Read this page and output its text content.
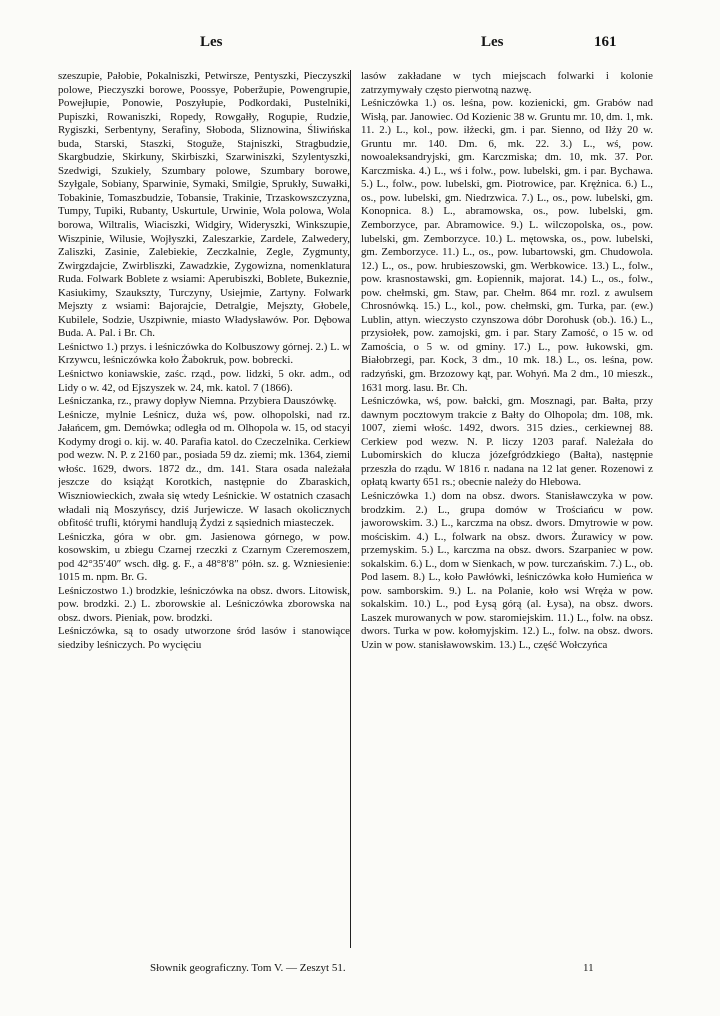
Les	Les	161

szeszupie, Pałobie, Pokalniszki, Petwirsze, Pentyszki, Pieczyszki polowe, Pieczyszki borowe, Poossye, Poberžupie, Powengrupie, Powejłupie, Ponowie, Poszyłupie, Podkordaki, Pustelniki, Pupiszki, Rowaniszki, Ropedy, Rowgałły, Rogupie, Rudzie, Rygiszki, Serbentyny, Serafiny, Słoboda, Sliznowina, Śliwińska buda, Starski, Staszki, Stoguže, Stajniszki, Stragbudzie, Skargbudzie, Skirkuny, Skirbiszki, Szarwiniszki, Szylentyszki, Szedwigi, Szukiely, Szumbary polowe, Szumbary borowe, Szyłgale, Sobiany, Sparwinie, Symaki, Smilgie, Sprukły, Suwałki, Tobakinie, Tomaszbudzie, Tobansie, Trakinie, Trzaskowszczyzna, Tumpy, Tupiki, Rubanty, Uskurtule, Urwinie, Wola polowa, Wola borowa, Wiltralis, Wiaciszki, Widgiry, Wideryszki, Winkszupie, Wiszpinie, Wilusie, Wojłyszki, Zaleszarkie, Zardele, Zalwedery, Zaliszki, Zasinie, Zalebiekie, Zeczkalnie, Zegle, Zygmunty, Zwirgzdajcie, Zwirbliszki, Zawadzkie, Zygowizna, nomenklatura Ruda. Folwark Boblete z wsiami: Aperubiszki, Boblete, Bukeznie, Kasiukimy, Szaukszty, Turczyny, Usiejmie, Zartyny. Folwark Mejszty z wsiami: Bajorajcie, Detralgie, Mejszty, Głobele, Kubilele, Sodzie, Uszpiwnie, miasto Władysławów. Por. Dębowa Buda. A. Pal. i Br. Ch.

Leśnictwo 1.) przys. i leśniczówka do Kolbuszowy górnej. 2.) L. w Krzywcu, leśniczówka koło Żabokruk, pow. bobrecki.

Leśnictwo koniawskie, zaśc. rząd., pow. lidzki, 5 okr. adm., od Lidy o w. 42, od Ejszyszek w. 24, mk. katol. 7 (1866).

Leśniczanka, rz., prawy dopływ Niemna. Przybiera Dauszówkę.

Leśnicze, mylnie Leśnicz, duża wś, pow. olhopolski, nad rz. Jałańcem, gm. Demówka; odległa od m. Olhopola w. 15, od stacyi Kodymy drogi o. kij. w. 40. Parafia katol. do Czeczelnika. Cerkiew pod wezw. N. P. z 2160 par., posiada 59 dz. ziemi; mk. 1364, ziemi włośc. 1629, dwors. 1872 dz., dm. 141. Stara osada należała jeszcze do książąt Korotkich, następnie do Zbaraskich, Wiszniowieckich, zwała się wtedy Leśnickie. W ostatnich czasach władali nią Moszyńscy, dziś Jurjewicze. W lasach okolicznych obfitość trufli, którymi handlują Żydzi z sąsiednich miasteczek.

Leśniczka, góra w obr. gm. Jasienowa górnego, w pow. kosowskim, u zbiegu Czarnej rzeczki z Czarnym Czeremoszem, pod 42°35′40″ wsch. dłg. g. F., a 48°8′8″ półn. sz. g. Wzniesienie: 1015 m. npm. Br. G.

Leśniczostwo 1.) brodzkie, leśniczówka na obsz. dwors. Litowisk, pow. brodzki. 2.) L. zborowskie al. Leśniczówka zborowska na obsz. dwors. Pieniak, pow. brodzki.

Leśniczówka, są to osady utworzone śród lasów i stanowiące siedziby leśniczych. Po wycięciu

lasów zakładane w tych miejscach folwarki i kolonie zatrzymywały często pierwotną nazwę.

Leśniczówka 1.) os. leśna, pow. kozienicki, gm. Grabów nad Wisłą, par. Janowiec. Od Kozienic 38 w. Gruntu mr. 10, dm. 1, mk. 11. 2.) L., kol., pow. iłżecki, gm. i par. Sienno, od Iłży 20 w. Gruntu mr. 140. Dm. 6, mk. 22. 3.) L., wś, pow. nowoaleksandryjski, gm. Karczmiska; dm. 10, mk. 37. Por. Karczmiska. 4.) L., wś i folw., pow. lubelski, gm. i par. Bychawa. 5.) L., folw., pow. lubelski, gm. Piotrowice, par. Krężnica. 6.) L., os., pow. lubelski, gm. Niedrzwica. 7.) L., os., pow. lubelski, gm. Konopnica. 8.) L., abramowska, os., pow. lubelski, gm. Zemborzyce, par. Abramowice. 9.) L. wilczopolska, os., pow. lubelski, gm. Zemborzyce. 10.) L. mętowska, os., pow. lubelski, gm. Zemborzyce. 11.) L., os., pow. lubartowski, gm. Chudowola. 12.) L., os., pow. hrubieszowski, gm. Werbkowice. 13.) L., folw., pow. krasnostawski, gm. Łopiennik, majorat. 14.) L., os., folw., pow. chełmski, gm. Staw, par. Chełm. 864 mr. rozl. z awulsem Chrosnówką. 15.) L., kol., pow. chełmski, gm. Turka, par. (ew.) Lublin, attyn. wieczysto czynszowa dóbr Dorohusk (ob.). 16.) L., przysiołek, pow. zamojski, gm. i par. Stary Zamość, o 15 w. od Zamościa, o 5 w. od gminy. 17.) L., pow. łukowski, gm. Białobrzegi, par. Kock, 3 dm., 10 mk. 18.) L., os. leśna, pow. radzyński, gm. Brzozowy kąt, par. Wohyń. Ma 2 dm., 10 mieszk., 1631 morg. lasu. Br. Ch.

Leśniczówka, wś, pow. bałcki, gm. Mosznagi, par. Bałta, przy dawnym pocztowym trakcie z Bałty do Olhopola; dm. 108, mk. 1007, ziemi włośc. 1492, dwors. 315 dzies., cerkiewnej 88. Cerkiew pod wezw. N. P. liczy 1203 paraf. Należała do Lubomirskich do klucza józefgródzkiego (Bałta), następnie przeszła do rządu. W 1816 r. nadana na 12 lat gener. Rozenowi z opłatą kwarty 651 rs.; obecnie należy do Hlebowa.

Leśniczówka 1.) dom na obsz. dwors. Stanisławczyka w pow. brodzkim. 2.) L., grupa domów w Trościańcu w pow. jaworowskim. 3.) L., karczma na obsz. dwors. Dmytrowie w pow. mościskim. 4.) L., folwark na obsz. dwors. Żurawicy w pow. przemyskim. 5.) L., karczma na obsz. dwors. Szarpaniec w pow. sokalskim. 6.) L., dom w Sienkach, w pow. turczańskim. 7.) L., ob. Pod lasem. 8.) L., koło Pawłówki, leśniczówka koło Humieńca w pow. samborskim. 9.) L. na Polanie, koło wsi Wręża w pow. sokalskim. 10.) L., pod Łysą górą (al. Łysa), na obsz. dwors. Laszek murowanych w pow. staromiejskim. 11.) L., folw. na obsz. dwors. Turka w pow. kołomyjskim. 12.) L., folw. na obsz. dwors. Uzin w pow. stanisławowskim. 13.) L., część Wołczyńca

Słownik geograficzny. Tom V. — Zeszyt 51.	11
